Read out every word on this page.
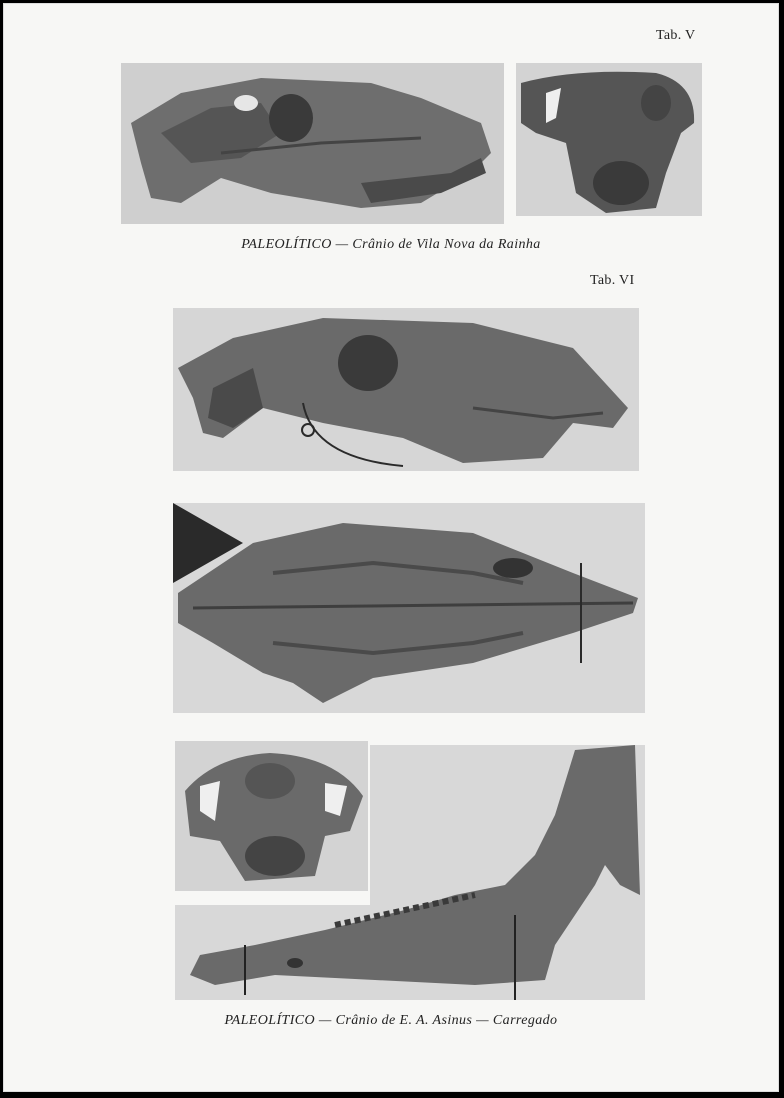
Tab. V
PALEOLÍTICO — Crânio de Vila Nova da Rainha
Tab. VI
PALEOLÍTICO — Crânio de E. A. Asinus — Carregado
